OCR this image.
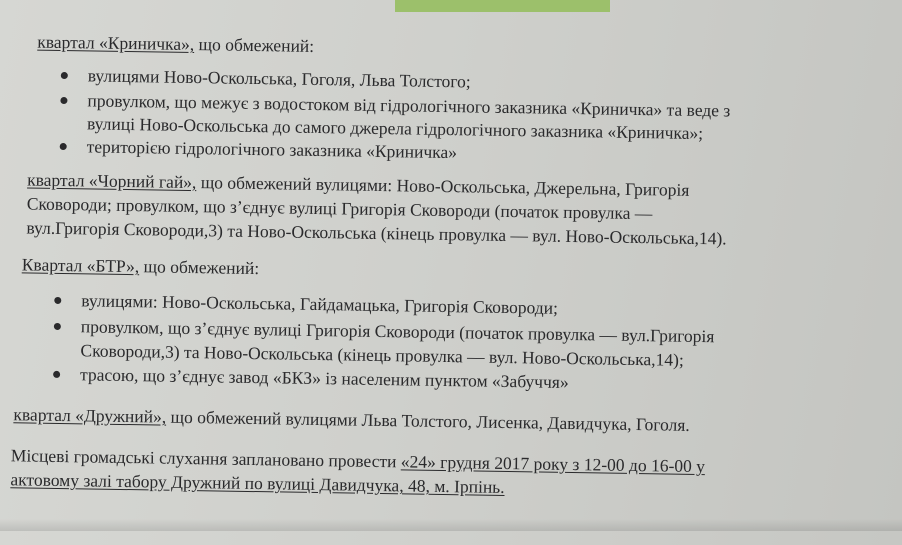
квартал «Криничка», що обмежений:
вулицями Ново-Оскольська, Гоголя, Льва Толстого;
провулком, що межує з водостоком від гідрологічного заказника «Криничка» та веде з
вулиці Ново-Оскольська до самого джерела гідрологічного заказника «Криничка»;
територією гідрологічного заказника «Криничка»
квартал «Чорний гай», що обмежений вулицями: Ново-Оскольська, Джерельна, Григорія
Сковороди; провулком, що з’єднує вулиці Григорія Сковороди (початок провулка —
вул.Григорія Сковороди,3) та Ново-Оскольська (кінець провулка — вул. Ново-Оскольська,14).
Квартал «БТР», що обмежений:
вулицями: Ново-Оскольська, Гайдамацька, Григорія Сковороди;
провулком, що з’єднує вулиці Григорія Сковороди (початок провулка — вул.Григорія
Сковороди,3) та Ново-Оскольська (кінець провулка — вул. Ново-Оскольська,14);
трасою, що з’єднує завод «БКЗ» із населеним пунктом «Забуччя»
квартал «Дружний», що обмежений вулицями Льва Толстого, Лисенка, Давидчука, Гоголя.
Місцеві громадські слухання заплановано провести «24» грудня 2017 року з 12-00 до 16-00 у
актовому залі табору Дружний по вулиці Давидчука, 48, м. Ірпінь.
